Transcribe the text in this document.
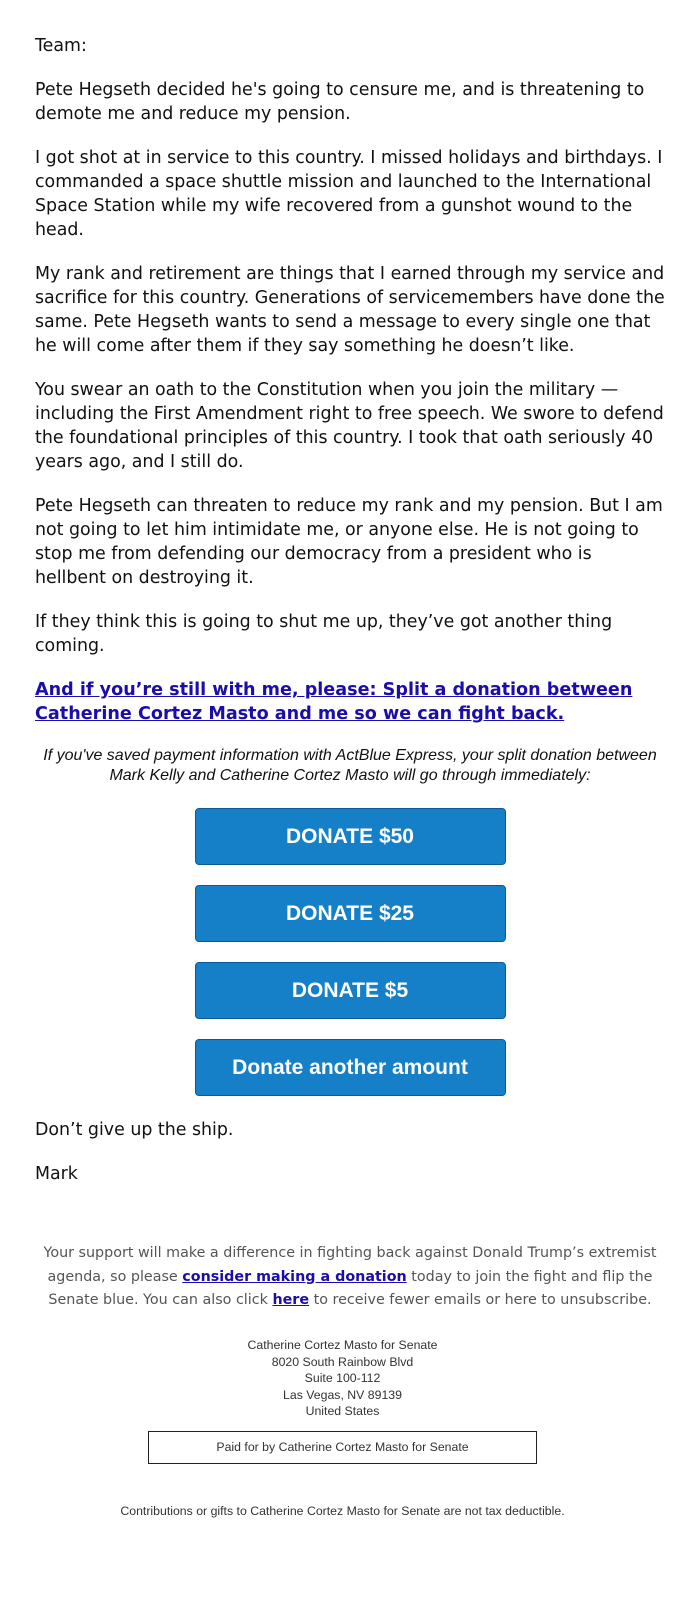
Team:

Pete Hegseth decided he's going to censure me, and is threatening to demote me and reduce my pension.

I got shot at in service to this country. I missed holidays and birthdays. I commanded a space shuttle mission and launched to the International Space Station while my wife recovered from a gunshot wound to the head.

My rank and retirement are things that I earned through my service and sacrifice for this country. Generations of servicemembers have done the same. Pete Hegseth wants to send a message to every single one that he will come after them if they say something he doesn’t like.

You swear an oath to the Constitution when you join the military — including the First Amendment right to free speech. We swore to defend the foundational principles of this country. I took that oath seriously 40 years ago, and I still do.

Pete Hegseth can threaten to reduce my rank and my pension. But I am not going to let him intimidate me, or anyone else. He is not going to stop me from defending our democracy from a president who is hellbent on destroying it.

If they think this is going to shut me up, they’ve got another thing coming.

And if you’re still with me, please: Split a donation between Catherine Cortez Masto and me so we can fight back.

If you've saved payment information with ActBlue Express, your split donation between Mark Kelly and Catherine Cortez Masto will go through immediately:

DONATE $50
DONATE $25
DONATE $5
Donate another amount

Don’t give up the ship.

Mark

Your support will make a difference in fighting back against Donald Trump’s extremist agenda, so please consider making a donation today to join the fight and flip the Senate blue. You can also click here to receive fewer emails or here to unsubscribe.
Catherine Cortez Masto for Senate
8020 South Rainbow Blvd
Suite 100-112
Las Vegas, NV 89139
United States
Paid for by Catherine Cortez Masto for Senate
Contributions or gifts to Catherine Cortez Masto for Senate are not tax deductible.
